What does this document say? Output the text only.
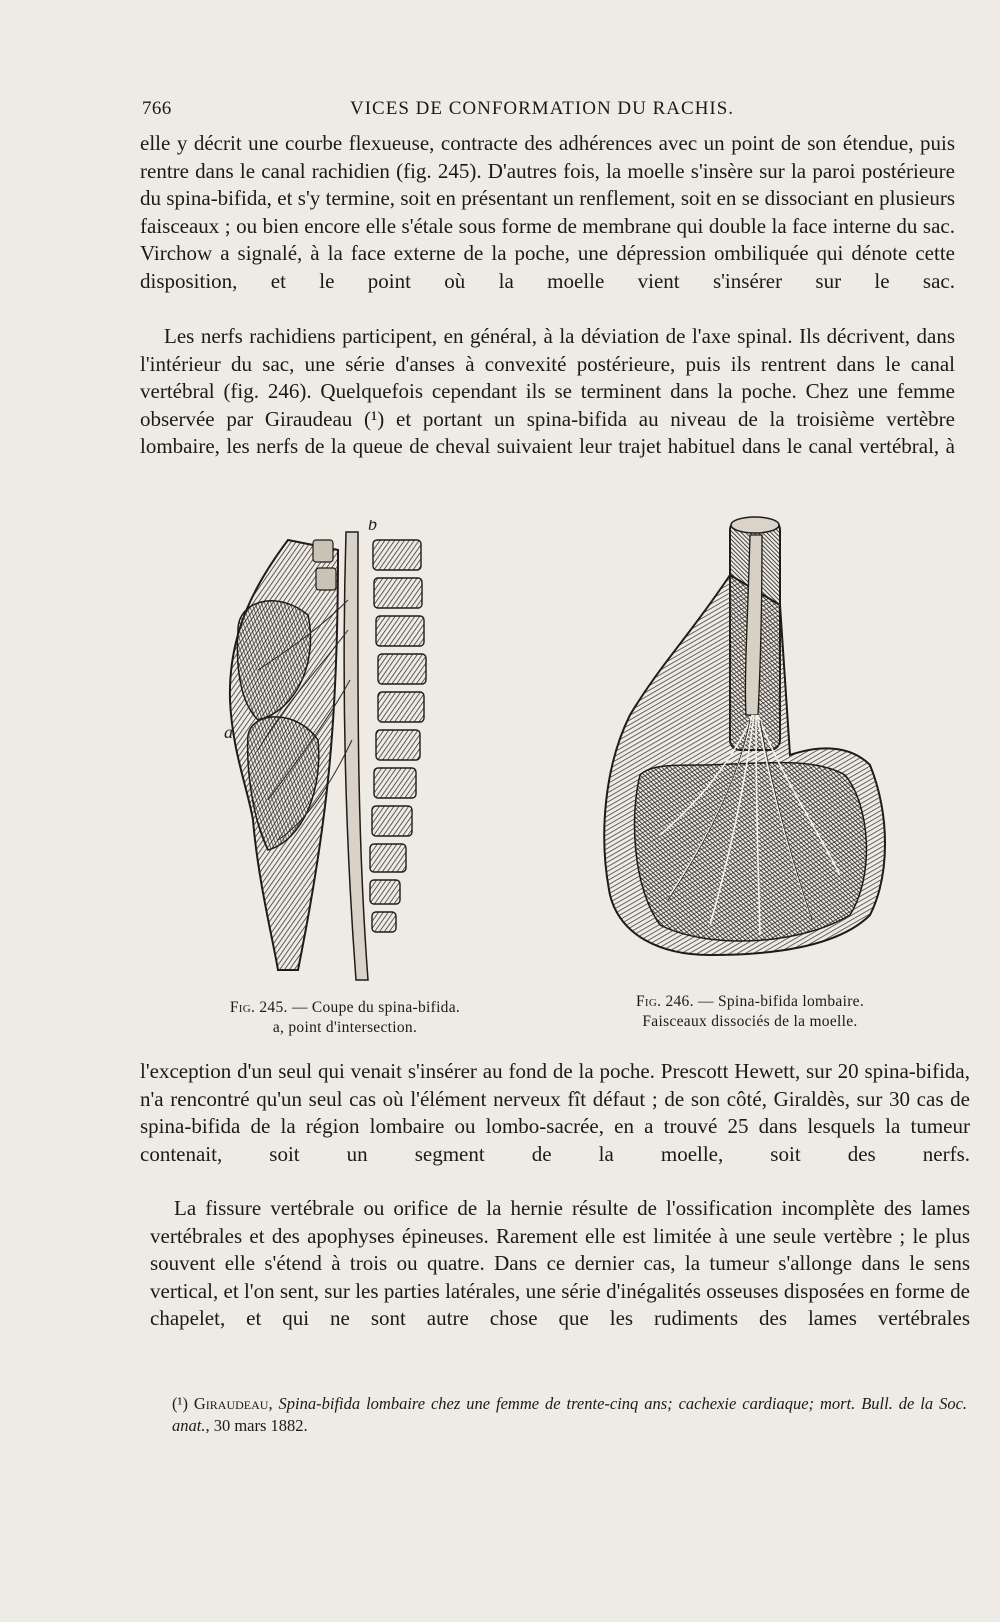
766	VICES DE CONFORMATION DU RACHIS.

elle y décrit une courbe flexueuse, contracte des adhérences avec un point de son étendue, puis rentre dans le canal rachidien (fig. 245). D'autres fois, la moelle s'insère sur la paroi postérieure du spina-bifida, et s'y termine, soit en présentant un renflement, soit en se dissociant en plusieurs faisceaux ; ou bien encore elle s'étale sous forme de membrane qui double la face interne du sac. Virchow a signalé, à la face externe de la poche, une dépression ombiliquée qui dénote cette disposition, et le point où la moelle vient s'insérer sur le sac.

Les nerfs rachidiens participent, en général, à la déviation de l'axe spinal. Ils décrivent, dans l'intérieur du sac, une série d'anses à convexité postérieure, puis ils rentrent dans le canal vertébral (fig. 246). Quelquefois cependant ils se terminent dans la poche. Chez une femme observée par Giraudeau (¹) et portant un spina-bifida au niveau de la troisième vertèbre lombaire, les nerfs de la queue de cheval suivaient leur trajet habituel dans le canal vertébral, à

b
a
Fig. 245. — Coupe du spina-bifida.
a, point d'intersection.
Fig. 246. — Spina-bifida lombaire.
Faisceaux dissociés de la moelle.

l'exception d'un seul qui venait s'insérer au fond de la poche. Prescott Hewett, sur 20 spina-bifida, n'a rencontré qu'un seul cas où l'élément nerveux fît défaut ; de son côté, Giraldès, sur 30 cas de spina-bifida de la région lombaire ou lombo-sacrée, en a trouvé 25 dans lesquels la tumeur contenait, soit un segment de la moelle, soit des nerfs.

La fissure vertébrale ou orifice de la hernie résulte de l'ossification incomplète des lames vertébrales et des apophyses épineuses. Rarement elle est limitée à une seule vertèbre ; le plus souvent elle s'étend à trois ou quatre. Dans ce dernier cas, la tumeur s'allonge dans le sens vertical, et l'on sent, sur les parties latérales, une série d'inégalités osseuses disposées en forme de chapelet, et qui ne sont autre chose que les rudiments des lames vertébrales

(¹) Giraudeau, Spina-bifida lombaire chez une femme de trente-cinq ans; cachexie cardiaque; mort. Bull. de la Soc. anat., 30 mars 1882.
